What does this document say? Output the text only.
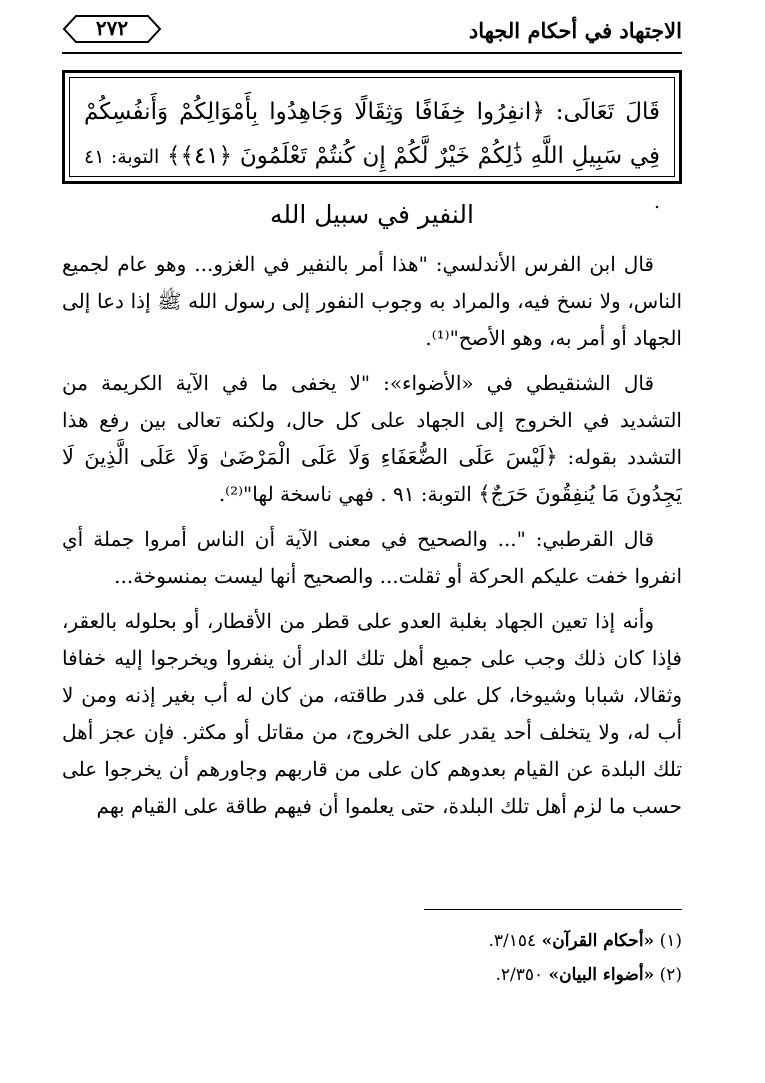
الاجتهاد في أحكام الجهاد
٢٧٢
قَالَ تَعَالَى: ﴿انفِرُوا خِفَافًا وَثِقَالًا وَجَاهِدُوا بِأَمْوَالِكُمْ وَأَنفُسِكُمْ فِي سَبِيلِ اللَّهِ ذَٰلِكُمْ خَيْرٌ لَّكُمْ إِن كُنتُمْ تَعْلَمُونَ ﴿٤١﴾﴾ التوبة: ٤١ .
النفير في سبيل الله

قال ابن الفرس الأندلسي: "هذا أمر بالنفير في الغزو... وهو عام لجميع الناس، ولا نسخ فيه، والمراد به وجوب النفور إلى رسول الله ﷺ إذا دعا إلى الجهاد أو أمر به، وهو الأصح"⁽¹⁾.

قال الشنقيطي في «الأضواء»: "لا يخفى ما في الآية الكريمة من التشديد في الخروج إلى الجهاد على كل حال، ولكنه تعالى بين رفع هذا التشدد بقوله: ﴿لَيْسَ عَلَى الضُّعَفَاءِ وَلَا عَلَى الْمَرْضَىٰ وَلَا عَلَى الَّذِينَ لَا يَجِدُونَ مَا يُنفِقُونَ حَرَجٌ﴾ التوبة: ٩١ . فهي ناسخة لها"⁽²⁾.

قال القرطبي: "... والصحيح في معنى الآية أن الناس أمروا جملة أي انفروا خفت عليكم الحركة أو ثقلت... والصحيح أنها ليست بمنسوخة...

وأنه إذا تعين الجهاد بغلبة العدو على قطر من الأقطار، أو بحلوله بالعقر، فإذا كان ذلك وجب على جميع أهل تلك الدار أن ينفروا ويخرجوا إليه خفافا وثقالا، شبابا وشيوخا، كل على قدر طاقته، من كان له أب بغير إذنه ومن لا أب له، ولا يتخلف أحد يقدر على الخروج، من مقاتل أو مكثر. فإن عجز أهل تلك البلدة عن القيام بعدوهم كان على من قاربهم وجاورهم أن يخرجوا على حسب ما لزم أهل تلك البلدة، حتى يعلموا أن فيهم طاقة على القيام بهم

(١) «أحكام القرآن» ٣/١٥٤.

(٢) «أضواء البيان» ٢/٣٥٠.
